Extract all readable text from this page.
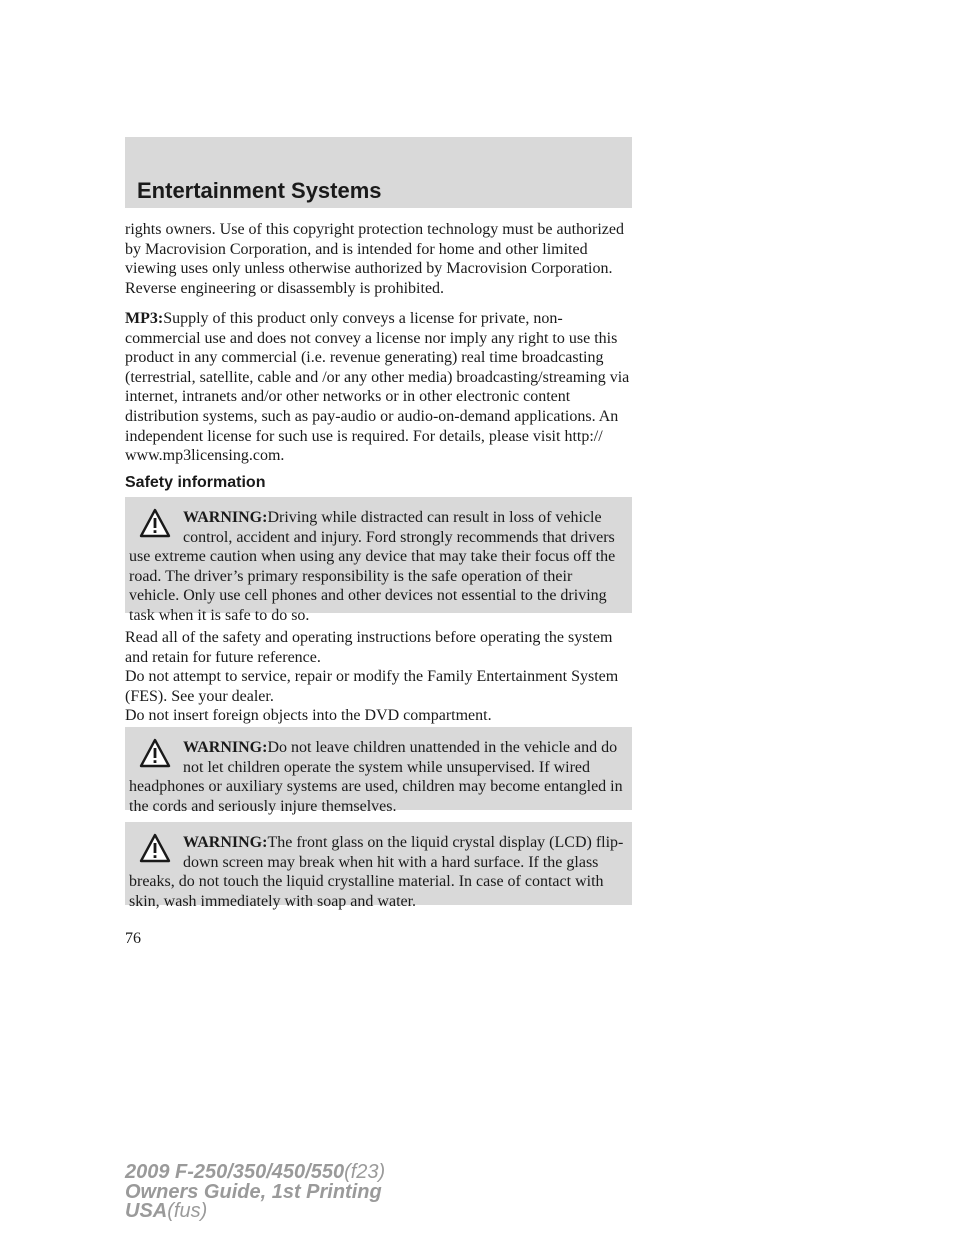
Entertainment Systems

rights owners. Use of this copyright protection technology must be authorized by Macrovision Corporation, and is intended for home and other limited viewing uses only unless otherwise authorized by Macrovision Corporation. Reverse engineering or disassembly is prohibited.

MP3:Supply of this product only conveys a license for private, non-commercial use and does not convey a license nor imply any right to use this product in any commercial (i.e. revenue generating) real time broadcasting (terrestrial, satellite, cable and /or any other media) broadcasting/streaming via internet, intranets and/or other networks or in other electronic content distribution systems, such as pay-audio or audio-on-demand applications. An independent license for such use is required. For details, please visit http:// www.mp3licensing.com.

Safety information

WARNING:Driving while distracted can result in loss of vehicle control, accident and injury. Ford strongly recommends that drivers use extreme caution when using any device that may take their focus off the road. The driver’s primary responsibility is the safe operation of their vehicle. Only use cell phones and other devices not essential to the driving task when it is safe to do so.

Read all of the safety and operating instructions before operating the system and retain for future reference.

Do not attempt to service, repair or modify the Family Entertainment System (FES). See your dealer.

Do not insert foreign objects into the DVD compartment.

WARNING:Do not leave children unattended in the vehicle and do not let children operate the system while unsupervised. If wired headphones or auxiliary systems are used, children may become entangled in the cords and seriously injure themselves.

WARNING:The front glass on the liquid crystal display (LCD) flip-down screen may break when hit with a hard surface. If the glass breaks, do not touch the liquid crystalline material. In case of contact with skin, wash immediately with soap and water.

76
2009 F-250/350/450/550(f23)
Owners Guide, 1st Printing
USA(fus)
